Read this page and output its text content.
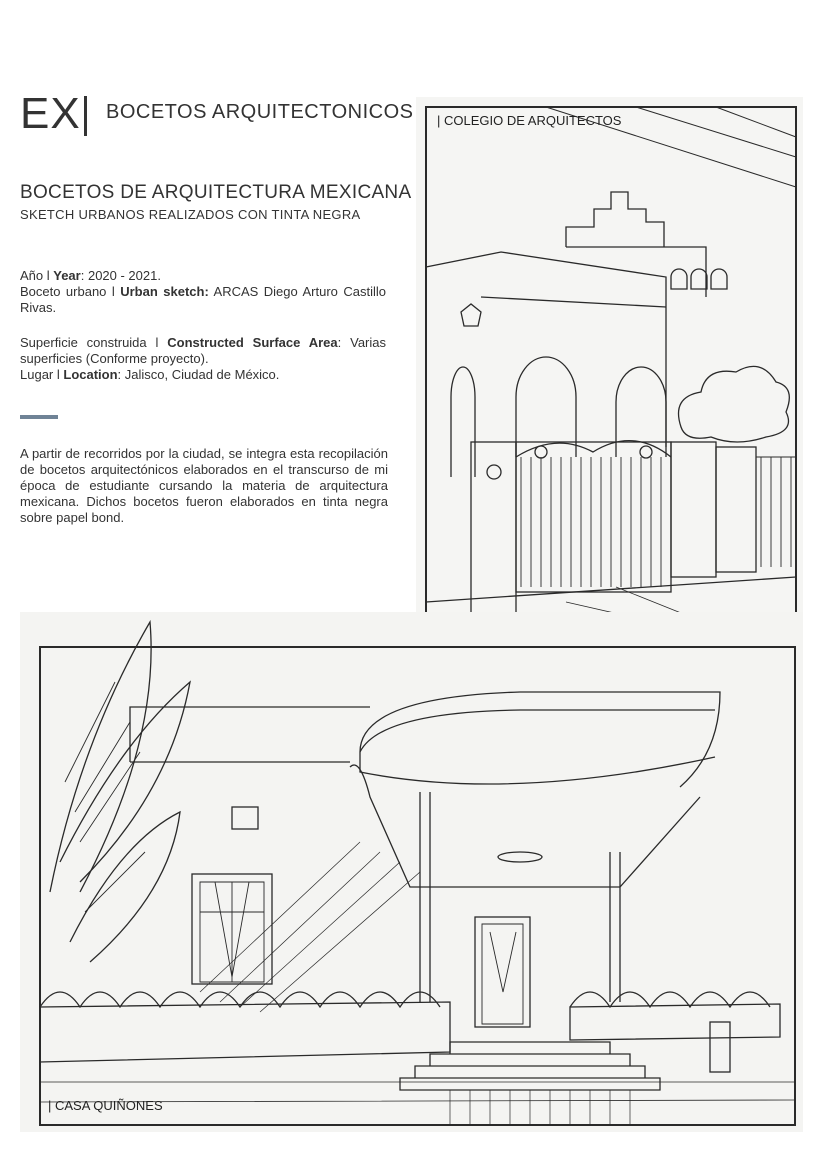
EX BOCETOS ARQUITECTONICOS
BOCETOS DE ARQUITECTURA MEXICANA
SKETCH URBANOS REALIZADOS CON TINTA NEGRA
Año l Year: 2020 - 2021.
Boceto urbano l Urban sketch: ARCAS Diego Arturo Castillo Rivas.
Superficie construida l Constructed Surface Area: Varias superficies (Conforme proyecto).
Lugar l Location: Jalisco, Ciudad de México.
A partir de recorridos por la ciudad, se integra esta recopilación de bocetos arquitectónicos elaborados en el transcurso de mi época de estudiante cursando la materia de arquitectura mexicana. Dichos bocetos fueron elaborados en tinta negra sobre papel bond.
| COLEGIO DE ARQUITECTOS
| CASA QUIÑONES
